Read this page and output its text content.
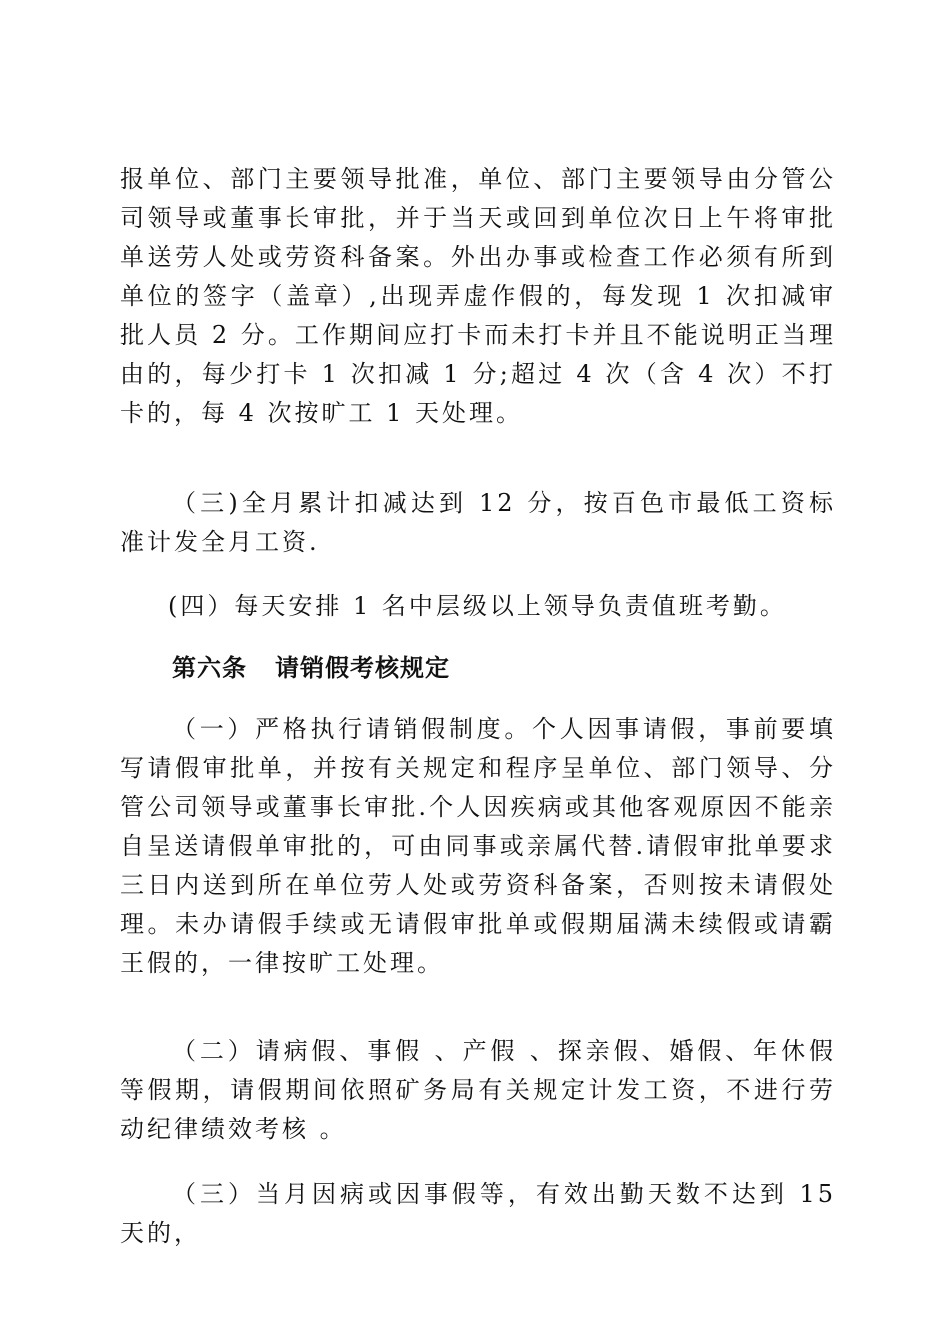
报单位、部门主要领导批准，单位、部门主要领导由分管公司领导或董事长审批，并于当天或回到单位次日上午将审批单送劳人处或劳资科备案。外出办事或检查工作必须有所到单位的签字（盖章）,出现弄虚作假的，每发现 1 次扣减审批人员 2 分。工作期间应打卡而未打卡并且不能说明正当理由的，每少打卡 1 次扣减 1 分;超过 4 次（含 4 次）不打卡的，每 4 次按旷工 1 天处理。

（三)全月累计扣减达到 12 分，按百色市最低工资标准计发全月工资.

(四）每天安排 1 名中层级以上领导负责值班考勤。

第六条 请销假考核规定

（一）严格执行请销假制度。个人因事请假，事前要填写请假审批单，并按有关规定和程序呈单位、部门领导、分管公司领导或董事长审批.个人因疾病或其他客观原因不能亲自呈送请假单审批的，可由同事或亲属代替.请假审批单要求三日内送到所在单位劳人处或劳资科备案，否则按未请假处理。未办请假手续或无请假审批单或假期届满未续假或请霸王假的，一律按旷工处理。

（二）请病假、事假 、产假 、探亲假、婚假、年休假等假期，请假期间依照矿务局有关规定计发工资，不进行劳动纪律绩效考核 。

（三）当月因病或因事假等，有效出勤天数不达到 15 天的，
